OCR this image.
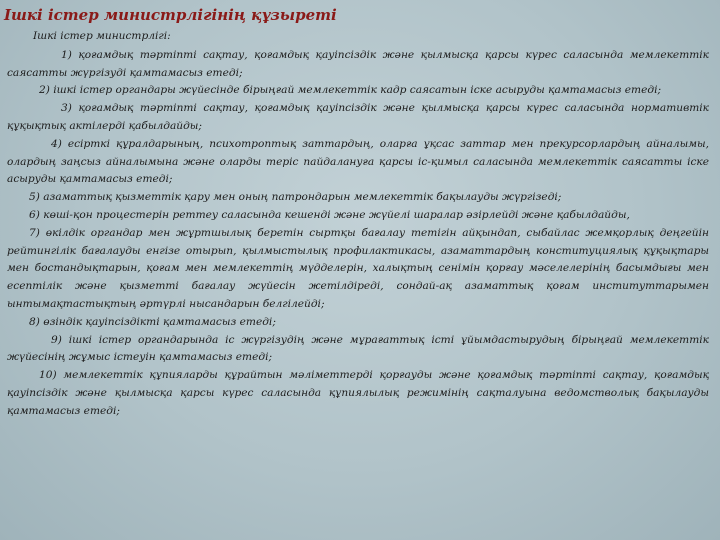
Ішкі істер министрлігінің құзыреті

Ішкі істер министрлігі:

1) қоғамдық тәртіпті сақтау, қоғамдық қауіпсіздік және қылмысқа қарсы күрес саласында мемлекеттік саясатты жүргізуді қамтамасыз етеді;

2) ішкі істер органдары жүйесінде бірыңғай мемлекеттік кадр саясатын іске асыруды қамтамасыз етеді;

3) қоғамдық тәртіпті сақтау, қоғамдық қауіпсіздік және қылмысқа қарсы күрес саласында нормативтік құқықтық актілерді қабылдайды;

4) есірткі құралдарының, психотроптық заттардың, оларға ұқсас заттар мен прекурсорлардың айналымы, олардың заңсыз айналымына және оларды теріс пайдалануға қарсы іс-қимыл саласында мемлекеттік саясатты іске асыруды қамтамасыз етеді;

5) азаматтық қызметтік қару мен оның патрондарын мемлекеттік бақылауды жүргізеді;

6) көші-қон процестерін реттеу саласында кешенді және жүйелі шаралар әзірлейді және қабылдайды,

7) өкілдік органдар мен жұртшылық беретін сыртқы бағалау тетігін айқындап, сыбайлас жемқорлық деңгейін рейтингілік бағалауды енгізе отырып, қылмыстылық профилактикасы, азаматтардың конституциялық құқықтары мен бостандықтарын, қоғам мен мемлекеттің мүдделерін, халықтың сенімін қорғау мәселелерінің басымдығы мен есептілік және қызметті бағалау жүйесін жетілдіреді, сондай-ақ азаматтық қоғам институттарымен ынтымақтастықтың әртүрлі нысандарын белгілейді;

8) өзіндік қауіпсіздікті қамтамасыз етеді;

9) ішкі істер органдарында іс жүргізудің және мұрағаттық істі ұйымдастырудың бірыңғай мемлекеттік жүйесінің жұмыс істеуін қамтамасыз етеді;

10) мемлекеттік құпияларды құрайтын мәліметтерді қорғауды және қоғамдық тәртіпті сақтау, қоғамдық қауіпсіздік және қылмысқа қарсы күрес саласында құпиялылық режимінің сақталуына ведомстволық бақылауды қамтамасыз етеді;
